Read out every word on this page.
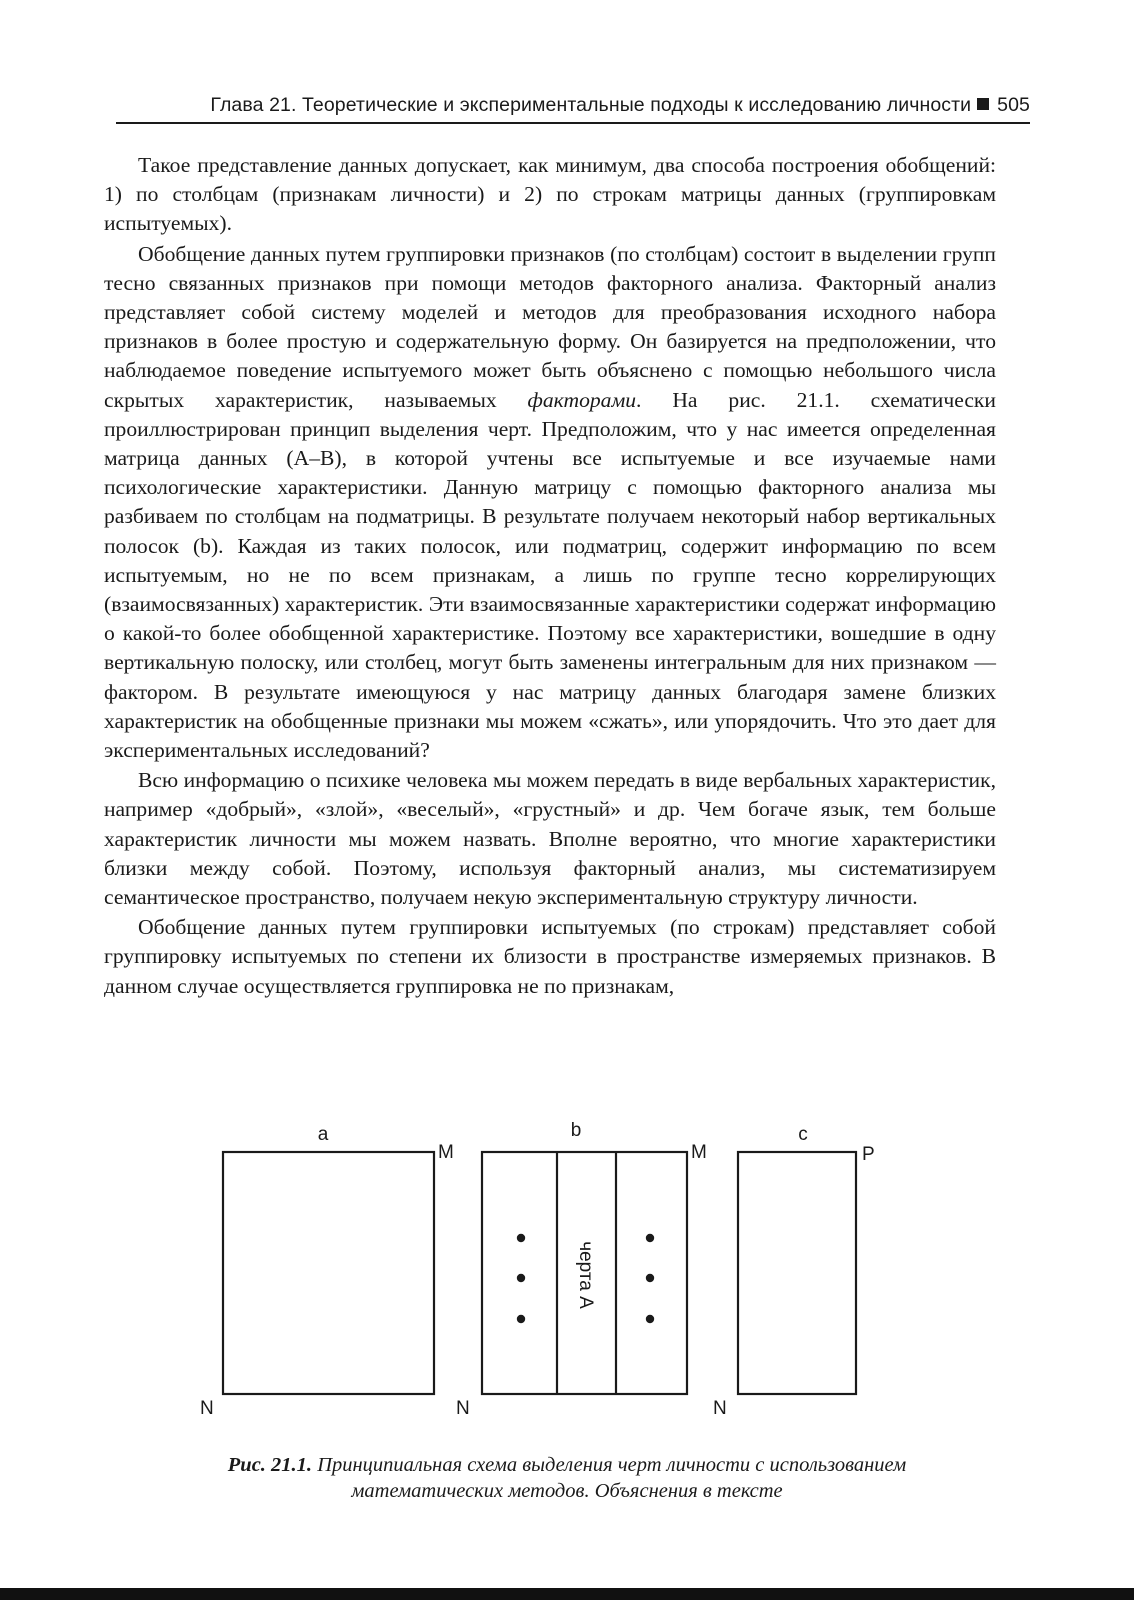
Глава 21. Теоретические и экспериментальные подходы к исследованию личности 505

Такое представление данных допускает, как минимум, два способа построения обобщений: 1) по столбцам (признакам личности) и 2) по строкам матрицы данных (группировкам испытуемых).

Обобщение данных путем группировки признаков (по столбцам) состоит в выделении групп тесно связанных признаков при помощи методов факторного анализа. Факторный анализ представляет собой систему моделей и методов для преобразования исходного набора признаков в более простую и содержательную форму. Он базируется на предположении, что наблюдаемое поведение испытуемого может быть объяснено с помощью небольшого числа скрытых характеристик, называемых факторами. На рис. 21.1. схематически проиллюстрирован принцип выделения черт. Предположим, что у нас имеется определенная матрица данных (A–B), в которой учтены все испытуемые и все изучаемые нами психологические характеристики. Данную матрицу с помощью факторного анализа мы разбиваем по столбцам на подматрицы. В результате получаем некоторый набор вертикальных полосок (b). Каждая из таких полосок, или подматриц, содержит информацию по всем испытуемым, но не по всем признакам, а лишь по группе тесно коррелирующих (взаимосвязанных) характеристик. Эти взаимосвязанные характеристики содержат информацию о какой-то более обобщенной характеристике. Поэтому все характеристики, вошедшие в одну вертикальную полоску, или столбец, могут быть заменены интегральным для них признаком — фактором. В результате имеющуюся у нас матрицу данных благодаря замене близких характеристик на обобщенные признаки мы можем «сжать», или упорядочить. Что это дает для экспериментальных исследований?

Всю информацию о психике человека мы можем передать в виде вербальных характеристик, например «добрый», «злой», «веселый», «грустный» и др. Чем богаче язык, тем больше характеристик личности мы можем назвать. Вполне вероятно, что многие характеристики близки между собой. Поэтому, используя факторный анализ, мы систематизируем семантическое пространство, получаем некую экспериментальную структуру личности.

Обобщение данных путем группировки испытуемых (по строкам) представляет собой группировку испытуемых по степени их близости в пространстве измеряемых признаков. В данном случае осуществляется группировка не по признакам,

a
M
N
черта A
b
M
N
c
P
N
Рис. 21.1. Принципиальная схема выделения черт личности с использованием математических методов. Объяснения в тексте
